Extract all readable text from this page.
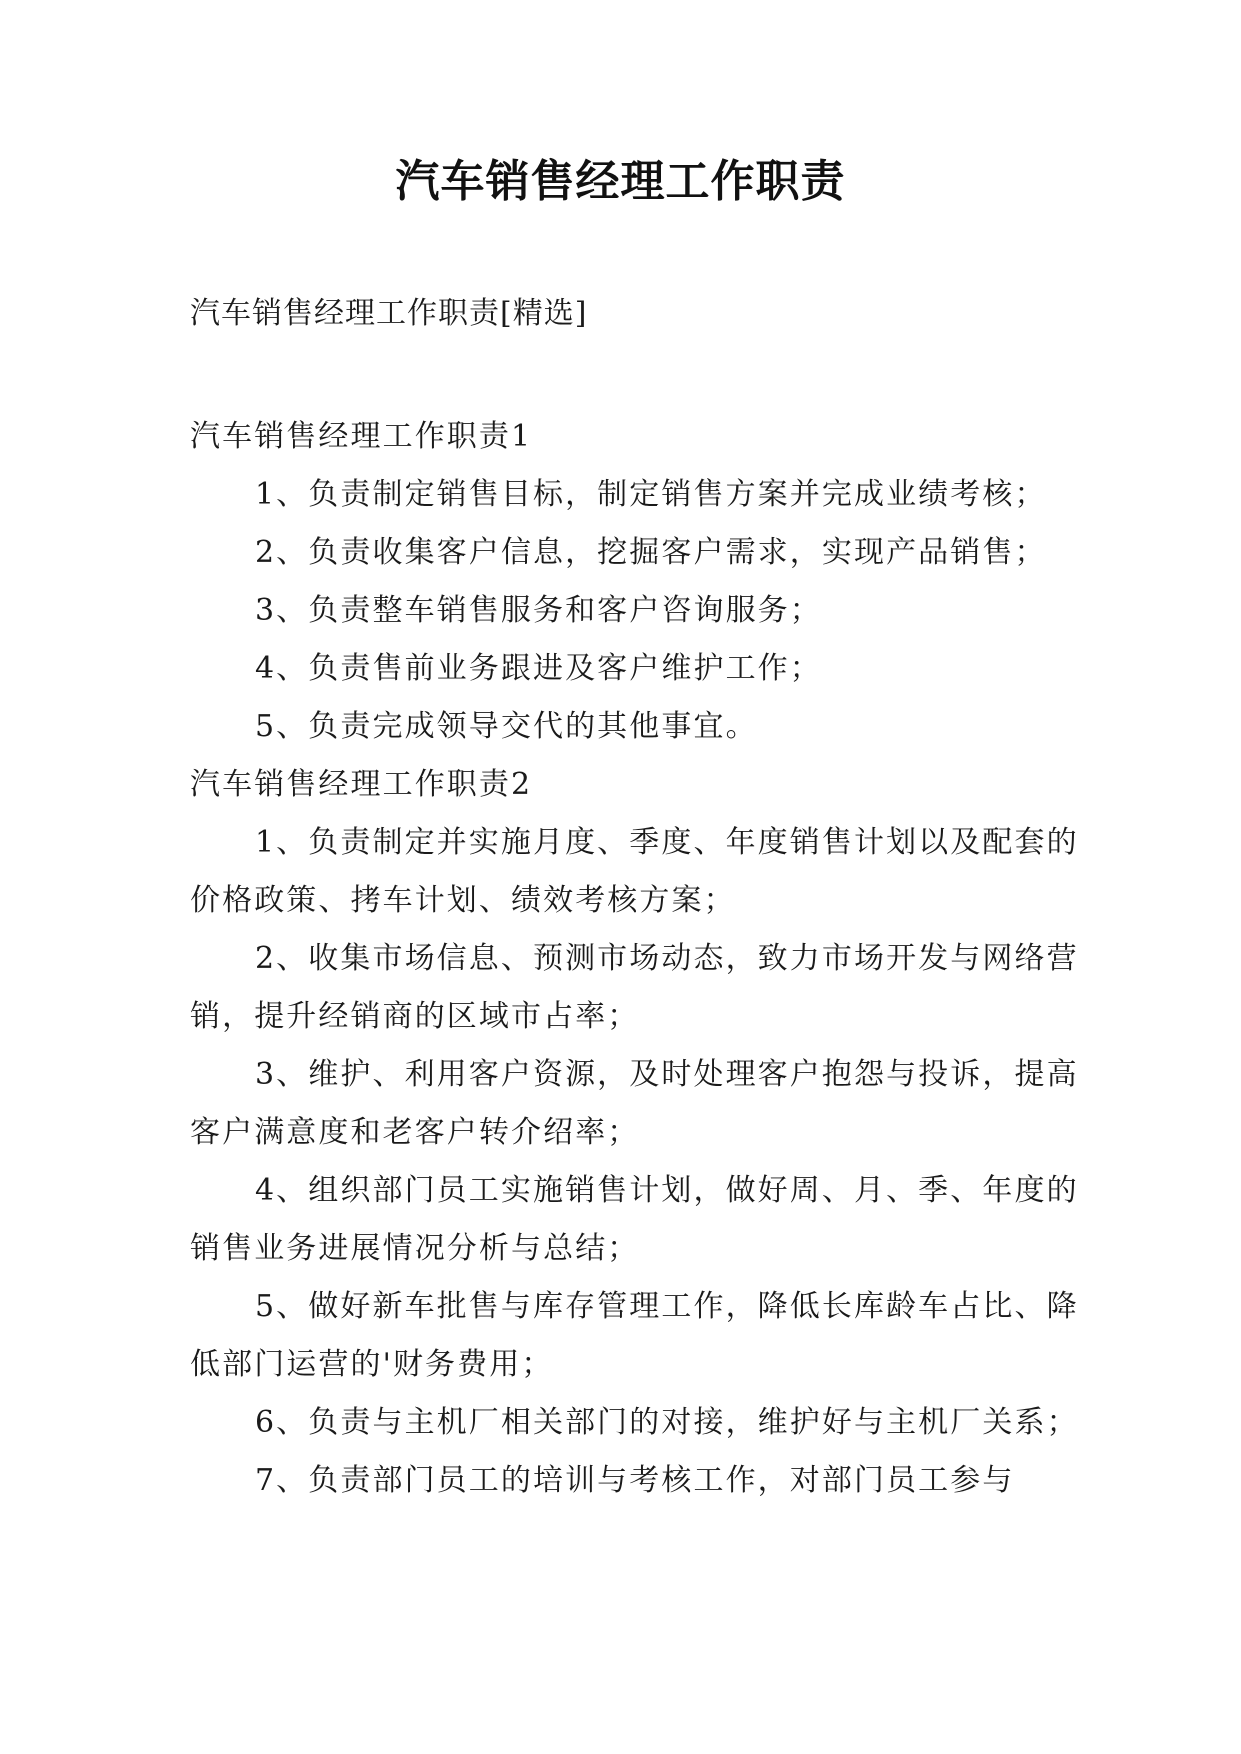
汽车销售经理工作职责
汽车销售经理工作职责[精选]
汽车销售经理工作职责1
1、负责制定销售目标，制定销售方案并完成业绩考核；
2、负责收集客户信息，挖掘客户需求，实现产品销售；
3、负责整车销售服务和客户咨询服务；
4、负责售前业务跟进及客户维护工作；
5、负责完成领导交代的其他事宜。
汽车销售经理工作职责2
1、负责制定并实施月度、季度、年度销售计划以及配套的价格政策、拷车计划、绩效考核方案；
2、收集市场信息、预测市场动态，致力市场开发与网络营销，提升经销商的区域市占率；
3、维护、利用客户资源，及时处理客户抱怨与投诉，提高客户满意度和老客户转介绍率；
4、组织部门员工实施销售计划，做好周、月、季、年度的销售业务进展情况分析与总结；
5、做好新车批售与库存管理工作，降低长库龄车占比、降低部门运营的'财务费用；
6、负责与主机厂相关部门的对接，维护好与主机厂关系；
7、负责部门员工的培训与考核工作，对部门员工参与
